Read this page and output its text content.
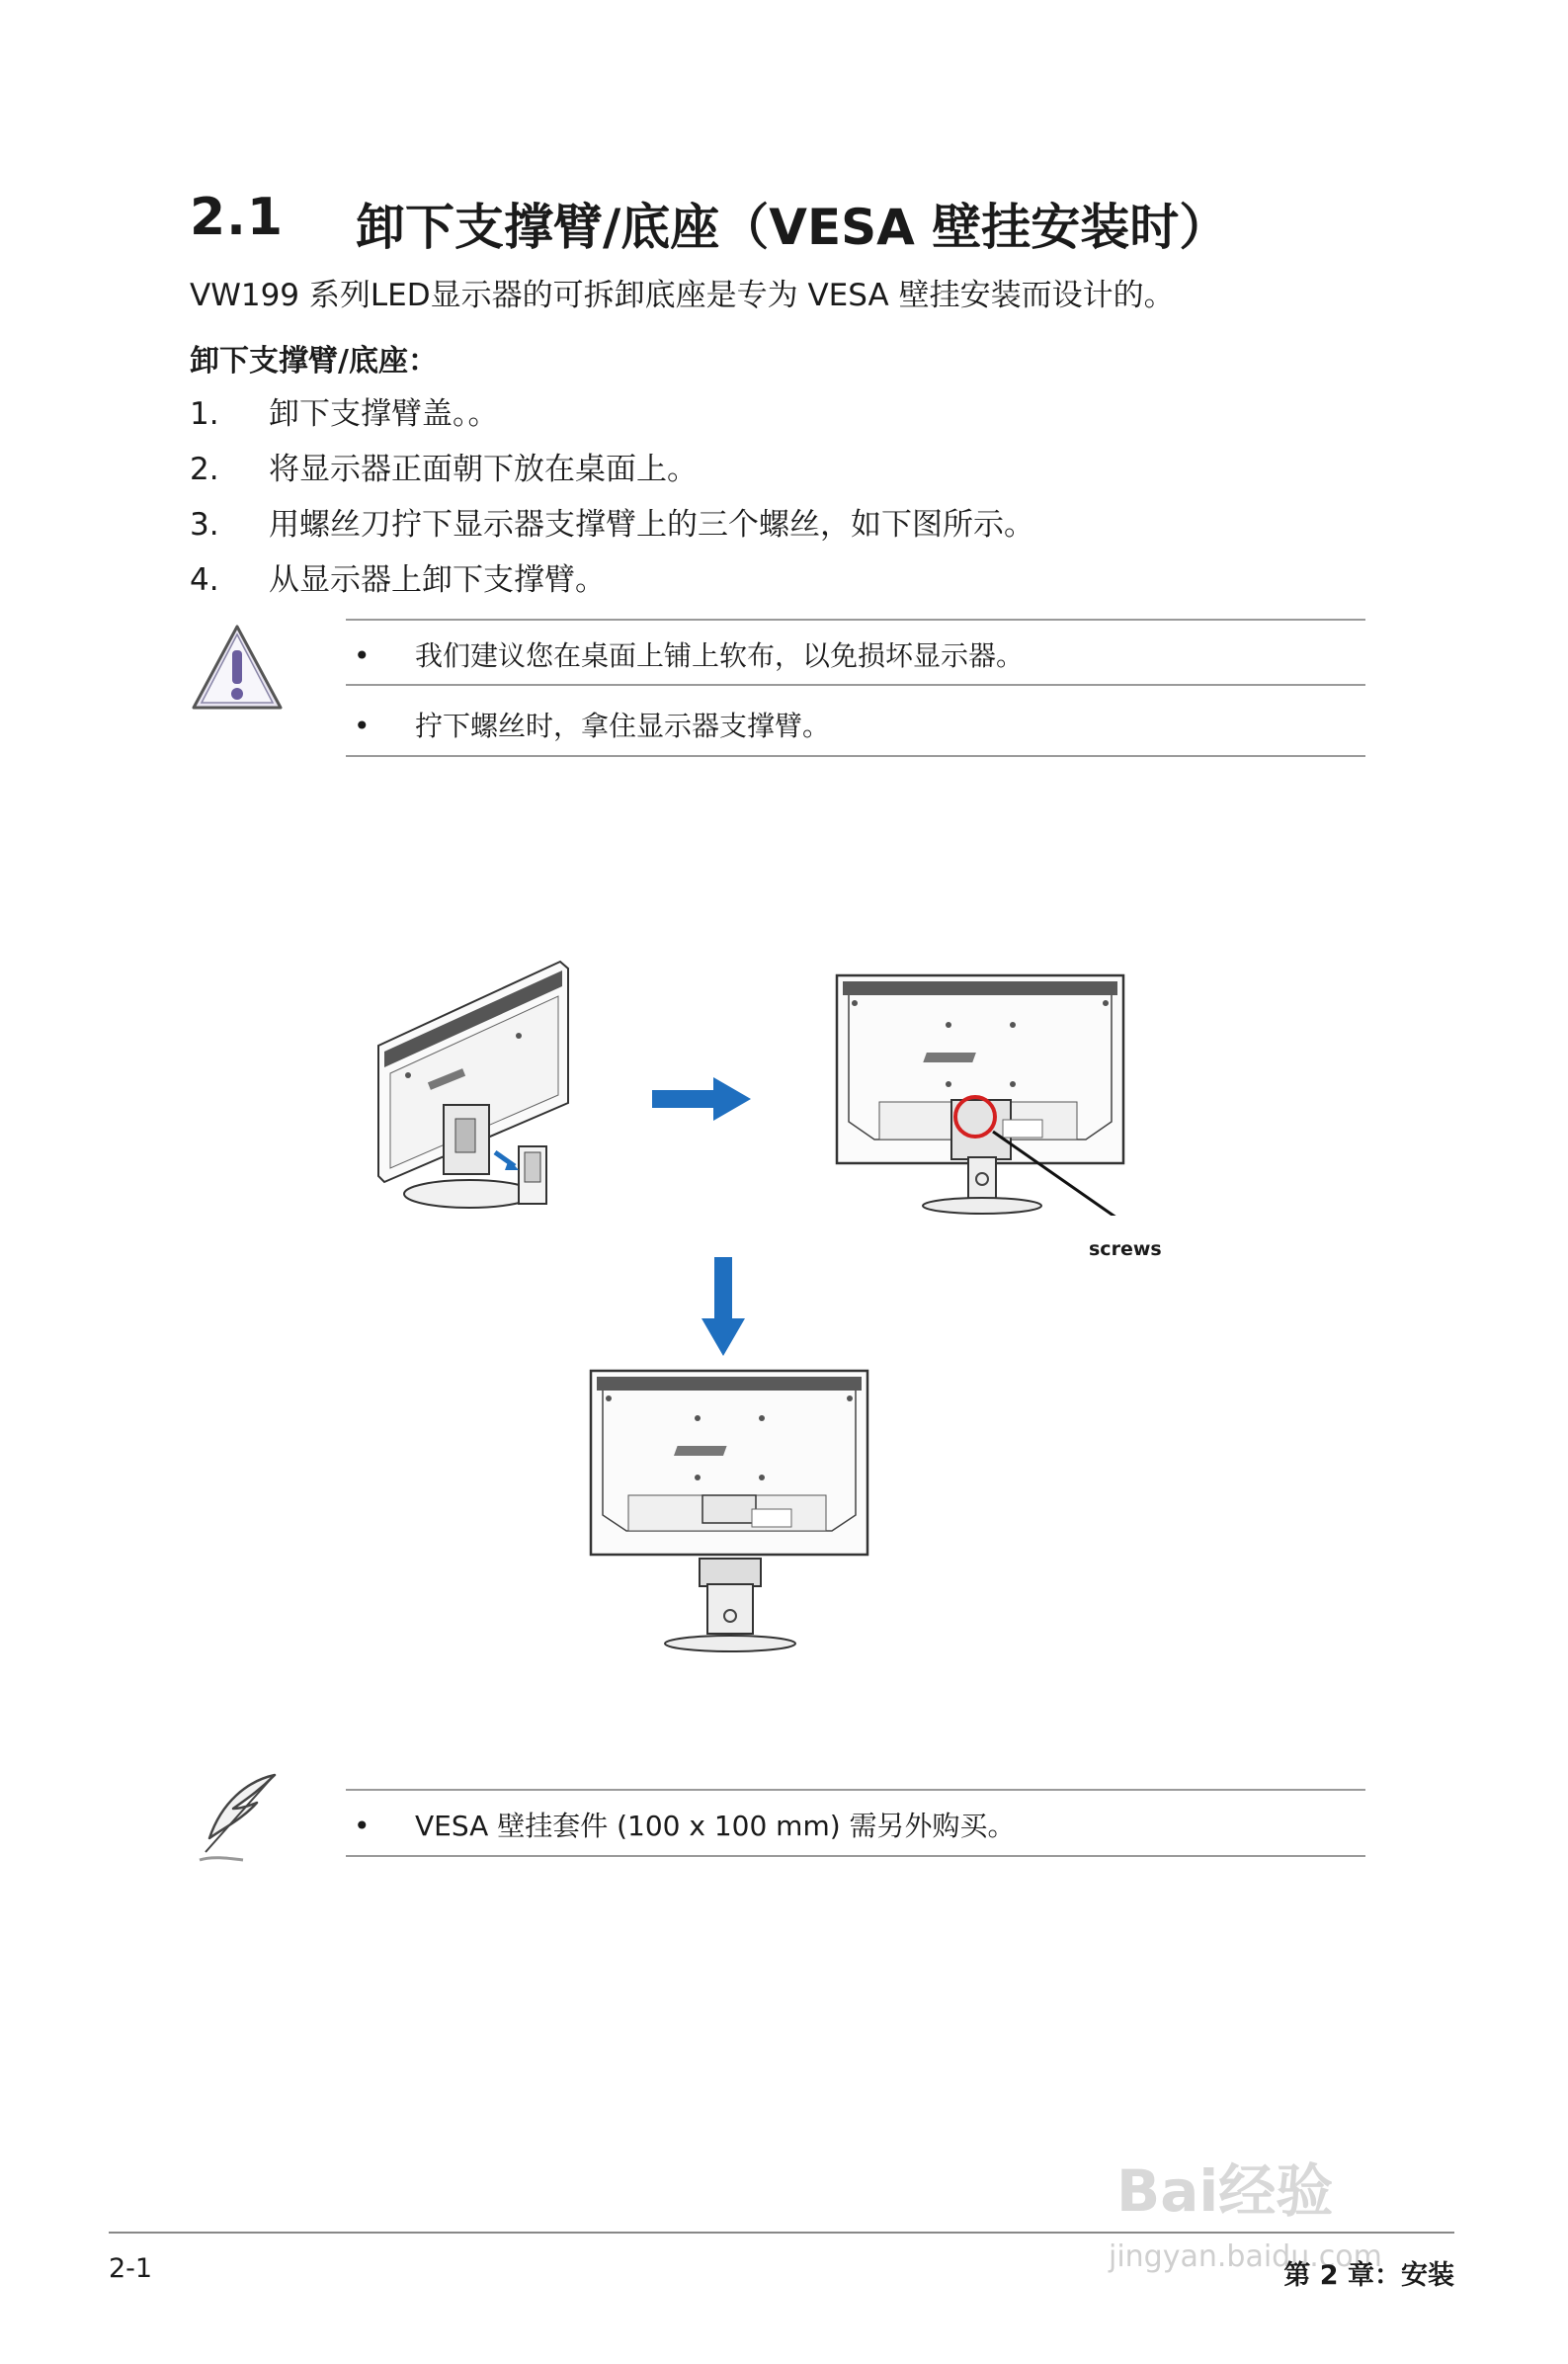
2.1 卸下支撑臂/底座（VESA 壁挂安装时）
VW199 系列LED显示器的可拆卸底座是专为 VESA 壁挂安装而设计的。
卸下支撑臂/底座：
1. 卸下支撑臂盖。。
2. 将显示器正面朝下放在桌面上。
3. 用螺丝刀拧下显示器支撑臂上的三个螺丝，如下图所示。
4. 从显示器上卸下支撑臂。
• 我们建议您在桌面上铺上软布，以免损坏显示器。
• 拧下螺丝时，拿住显示器支撑臂。
screws
• VESA 壁挂套件 (100 x 100 mm) 需另外购买。
Bai经验
jingyan.baidu.com
2-1	第 2 章：安装
